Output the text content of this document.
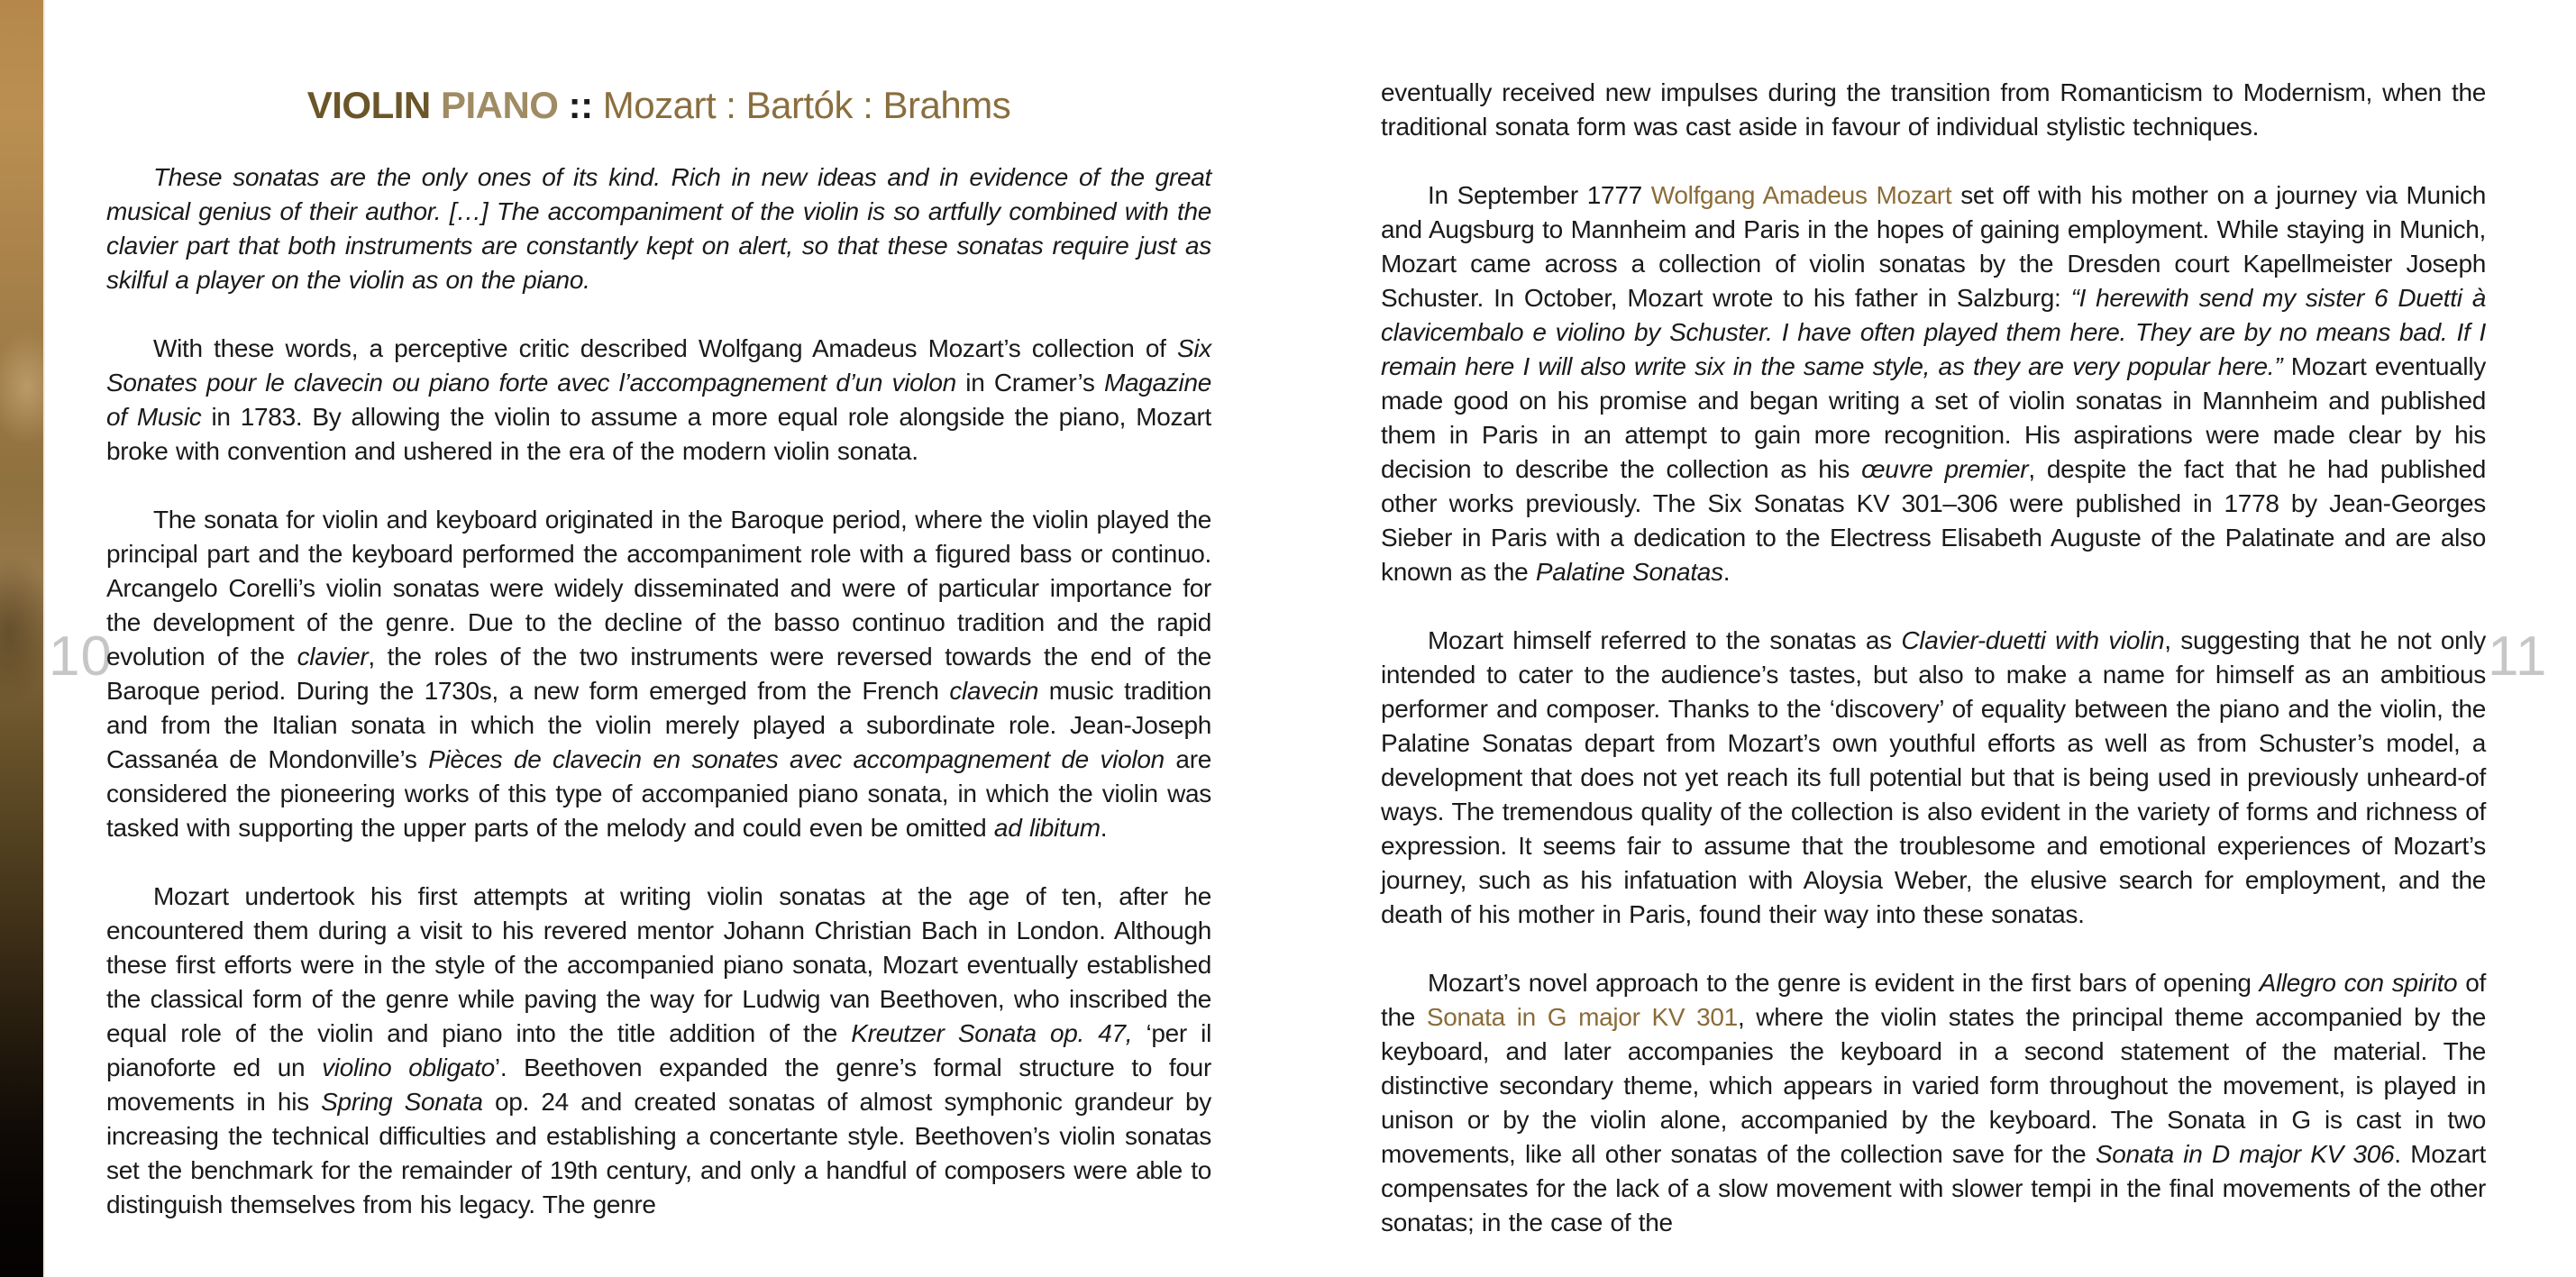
10
VIOLIN PIANO :: Mozart : Bartók : Brahms

These sonatas are the only ones of its kind. Rich in new ideas and in evidence of the great musical genius of their author. […] The accompaniment of the violin is so artfully combined with the clavier part that both instruments are constantly kept on alert, so that these sonatas require just as skilful a player on the violin as on the piano.

With these words, a perceptive critic described Wolfgang Amadeus Mozart’s collection of Six Sonates pour le clavecin ou piano forte avec l’accompagnement d’un violon in Cramer’s Magazine of Music in 1783. By allowing the violin to assume a more equal role alongside the piano, Mozart broke with convention and ushered in the era of the modern violin sonata.

The sonata for violin and keyboard originated in the Baroque period, where the violin played the principal part and the keyboard performed the accompaniment role with a figured bass or continuo. Arcangelo Corelli’s violin sonatas were widely disseminated and were of particular importance for the development of the genre. Due to the decline of the basso continuo tradition and the rapid evolution of the clavier, the roles of the two instruments were reversed towards the end of the Baroque period. During the 1730s, a new form emerged from the French clavecin music tradition and from the Italian sonata in which the violin merely played a subordinate role. Jean-Joseph Cassanéa de Mondonville’s Pièces de clavecin en sonates avec accompagnement de violon are considered the pioneering works of this type of accompanied piano sonata, in which the violin was tasked with supporting the upper parts of the melody and could even be omitted ad libitum.

Mozart undertook his first attempts at writing violin sonatas at the age of ten, after he encountered them during a visit to his revered mentor Johann Christian Bach in London. Although these first efforts were in the style of the accompanied piano sonata, Mozart eventually established the classical form of the genre while paving the way for Ludwig van Beethoven, who inscribed the equal role of the violin and piano into the title addition of the Kreutzer Sonata op. 47, ‘per il pianoforte ed un violino obligato’. Beethoven expanded the genre’s formal structure to four movements in his Spring Sonata op. 24 and created sonatas of almost symphonic grandeur by increasing the technical difficulties and establishing a concertante style. Beethoven’s violin sonatas set the benchmark for the remainder of 19th century, and only a handful of composers were able to distinguish themselves from his legacy. The genre

eventually received new impulses during the transition from Romanticism to Modernism, when the traditional sonata form was cast aside in favour of individual stylistic techniques.

In September 1777 Wolfgang Amadeus Mozart set off with his mother on a journey via Munich and Augsburg to Mannheim and Paris in the hopes of gaining employment. While staying in Munich, Mozart came across a collection of violin sonatas by the Dresden court Kapellmeister Joseph Schuster. In October, Mozart wrote to his father in Salzburg: “I herewith send my sister 6 Duetti à clavicembalo e violino by Schuster. I have often played them here. They are by no means bad. If I remain here I will also write six in the same style, as they are very popular here.” Mozart eventually made good on his promise and began writing a set of violin sonatas in Mannheim and published them in Paris in an attempt to gain more recognition. His aspirations were made clear by his decision to describe the collection as his œuvre premier, despite the fact that he had published other works previously. The Six Sonatas KV 301–306 were published in 1778 by Jean-Georges Sieber in Paris with a dedication to the Electress Elisabeth Auguste of the Palatinate and are also known as the Palatine Sonatas.

Mozart himself referred to the sonatas as Clavier-duetti with violin, suggesting that he not only intended to cater to the audience’s tastes, but also to make a name for himself as an ambitious performer and composer. Thanks to the ‘discovery’ of equality between the piano and the violin, the Palatine Sonatas depart from Mozart’s own youthful efforts as well as from Schuster’s model, a development that does not yet reach its full potential but that is being used in previously unheard-of ways. The tremendous quality of the collection is also evident in the variety of forms and richness of expression. It seems fair to assume that the troublesome and emotional experiences of Mozart’s journey, such as his infatuation with Aloysia Weber, the elusive search for employment, and the death of his mother in Paris, found their way into these sonatas.

Mozart’s novel approach to the genre is evident in the first bars of opening Allegro con spirito of the Sonata in G major KV 301, where the violin states the principal theme accompanied by the keyboard, and later accompanies the keyboard in a second statement of the material. The distinctive secondary theme, which appears in varied form throughout the movement, is played in unison or by the violin alone, accompanied by the keyboard. The Sonata in G is cast in two movements, like all other sonatas of the collection save for the Sonata in D major KV 306. Mozart compensates for the lack of a slow movement with slower tempi in the final movements of the other sonatas; in the case of the

11
